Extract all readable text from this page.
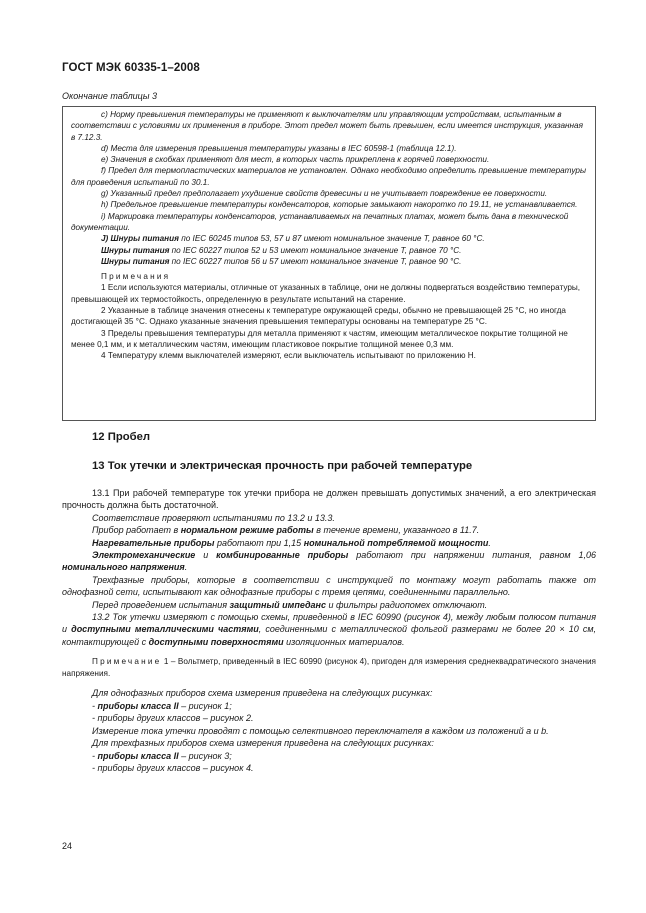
ГОСТ МЭК 60335-1–2008
Окончание таблицы 3

c) Норму превышения температуры не применяют к выключателям или управляющим устройствам, испытанным в соответствии с условиями их применения в приборе. Этот предел может быть превышен, если имеется инструкция, указанная в 7.12.3.

d) Места для измерения превышения температуры указаны в IEC 60598-1 (таблица 12.1).

e) Значения в скобках применяют для мест, в которых часть прикреплена к горячей поверхности.

f) Предел для термопластических материалов не установлен. Однако необходимо определить превышение температуры для проведения испытаний по 30.1.

g) Указанный предел предполагает ухудшение свойств древесины и не учитывает повреждение ее поверхности.

h) Предельное превышение температуры конденсаторов, которые замыкают накоротко по 19.11, не устанавливается.

i) Маркировка температуры конденсаторов, устанавливаемых на печатных платах, может быть дана в технической документации.

J) Шнуры питания по IEC 60245 типов 53, 57 и 87 имеют номинальное значение T, равное 60 °C.

Шнуры питания по IEC 60227 типов 52 и 53 имеют номинальное значение T, равное 70 °C.

Шнуры питания по IEC 60227 типов 56 и 57 имеют номинальное значение T, равное 90 °C.

Примечания

1 Если используются материалы, отличные от указанных в таблице, они не должны подвергаться воздействию температуры, превышающей их термостойкость, определенную в результате испытаний на старение.

2 Указанные в таблице значения отнесены к температуре окружающей среды, обычно не превышающей 25 °C, но иногда достигающей 35 °C. Однако указанные значения превышения температуры основаны на температуре 25 °C.

3 Пределы превышения температуры для металла применяют к частям, имеющим металлическое покрытие толщиной не менее 0,1 мм, и к металлическим частям, имеющим пластиковое покрытие толщиной менее 0,3 мм.

4 Температуру клемм выключателей измеряют, если выключатель испытывают по приложению H.

12 Пробел
13 Ток утечки и электрическая прочность при рабочей температуре

13.1 При рабочей температуре ток утечки прибора не должен превышать допустимых значений, а его электрическая прочность должна быть достаточной.

Соответствие проверяют испытаниями по 13.2 и 13.3.

Прибор работает в нормальном режиме работы в течение времени, указанного в 11.7.

Нагревательные приборы работают при 1,15 номинальной потребляемой мощности.

Электромеханические и комбинированные приборы работают при напряжении питания, равном 1,06 номинального напряжения.

Трехфазные приборы, которые в соответствии с инструкцией по монтажу могут работать также от однофазной сети, испытывают как однофазные приборы с тремя цепями, соединенными параллельно.

Перед проведением испытания защитный импеданс и фильтры радиопомех отключают.

13.2 Ток утечки измеряют с помощью схемы, приведенной в IEC 60990 (рисунок 4), между любым полюсом питания и доступными металлическими частями, соединенными с металлической фольгой размерами не более 20 × 10 см, контактирующей с доступными поверхностями изоляционных материалов.

Примечание 1 – Вольтметр, приведенный в IEC 60990 (рисунок 4), пригоден для измерения среднеквадратического значения напряжения.

Для однофазных приборов схема измерения приведена на следующих рисунках:

- приборы класса II – рисунок 1;

- приборы других классов – рисунок 2.

Измерение тока утечки проводят с помощью селективного переключателя в каждом из положений a и b.

Для трехфазных приборов схема измерения приведена на следующих рисунках:

- приборы класса II – рисунок 3;

- приборы других классов – рисунок 4.

24
